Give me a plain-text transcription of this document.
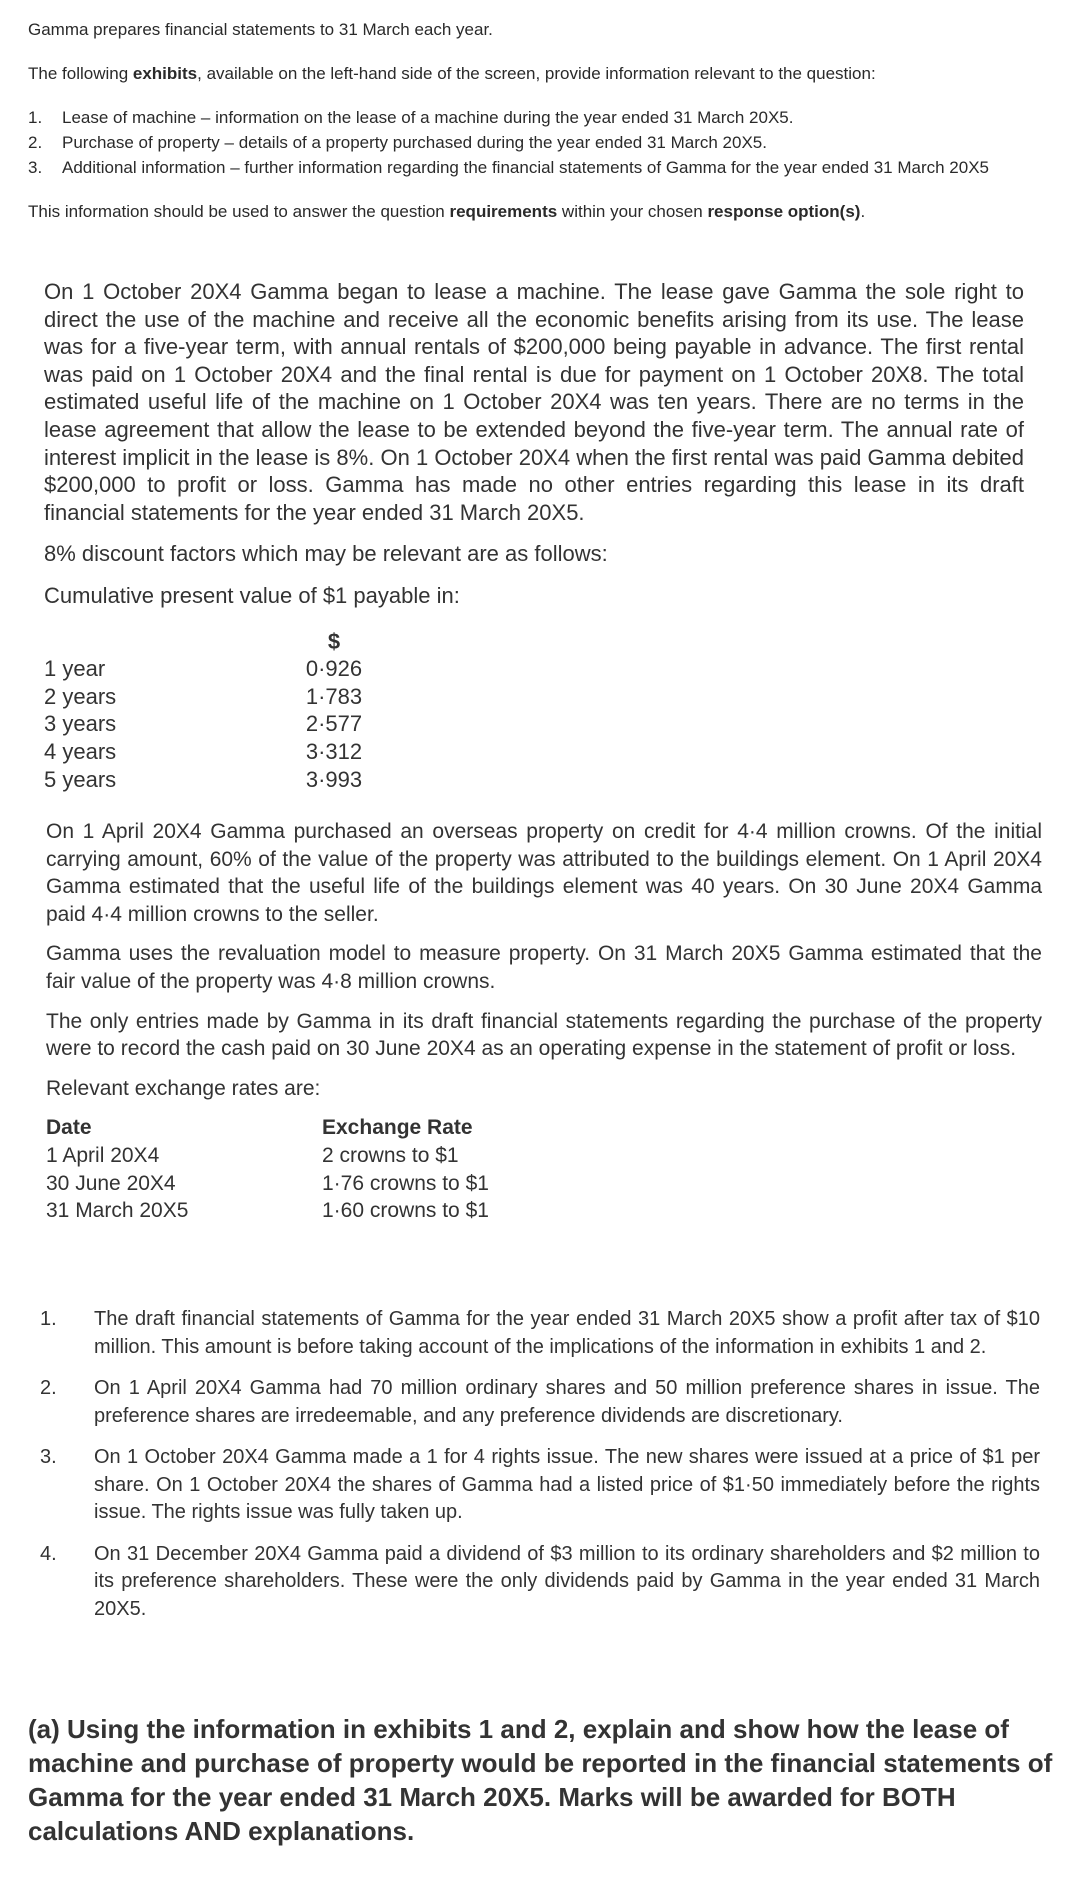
Gamma prepares financial statements to 31 March each year.

The following exhibits, available on the left-hand side of the screen, provide information relevant to the question:

1.	Lease of machine – information on the lease of a machine during the year ended 31 March 20X5.
2.	Purchase of property – details of a property purchased during the year ended 31 March 20X5.
3.	Additional information – further information regarding the financial statements of Gamma for the year ended 31 March 20X5

This information should be used to answer the question requirements within your chosen response option(s).

On 1 October 20X4 Gamma began to lease a machine. The lease gave Gamma the sole right to direct the use of the machine and receive all the economic benefits arising from its use. The lease was for a five-year term, with annual rentals of $200,000 being payable in advance. The first rental was paid on 1 October 20X4 and the final rental is due for payment on 1 October 20X8. The total estimated useful life of the machine on 1 October 20X4 was ten years. There are no terms in the lease agreement that allow the lease to be extended beyond the five-year term. The annual rate of interest implicit in the lease is 8%. On 1 October 20X4 when the first rental was paid Gamma debited $200,000 to profit or loss. Gamma has made no other entries regarding this lease in its draft financial statements for the year ended 31 March 20X5.

8% discount factors which may be relevant are as follows:

Cumulative present value of $1 payable in:

$
1 year	0·926
2 years	1·783
3 years	2·577
4 years	3·312
5 years	3·993

On 1 April 20X4 Gamma purchased an overseas property on credit for 4·4 million crowns. Of the initial carrying amount, 60% of the value of the property was attributed to the buildings element. On 1 April 20X4 Gamma estimated that the useful life of the buildings element was 40 years. On 30 June 20X4 Gamma paid 4·4 million crowns to the seller.

Gamma uses the revaluation model to measure property. On 31 March 20X5 Gamma estimated that the fair value of the property was 4·8 million crowns.

The only entries made by Gamma in its draft financial statements regarding the purchase of the property were to record the cash paid on 30 June 20X4 as an operating expense in the statement of profit or loss.

Relevant exchange rates are:

Date	Exchange Rate
1 April 20X4	2 crowns to $1
30 June 20X4	1·76 crowns to $1
31 March 20X5	1·60 crowns to $1
1.	The draft financial statements of Gamma for the year ended 31 March 20X5 show a profit after tax of $10 million. This amount is before taking account of the implications of the information in exhibits 1 and 2.
2.	On 1 April 20X4 Gamma had 70 million ordinary shares and 50 million preference shares in issue. The preference shares are irredeemable, and any preference dividends are discretionary.
3.	On 1 October 20X4 Gamma made a 1 for 4 rights issue. The new shares were issued at a price of $1 per share. On 1 October 20X4 the shares of Gamma had a listed price of $1·50 immediately before the rights issue. The rights issue was fully taken up.
4.	On 31 December 20X4 Gamma paid a dividend of $3 million to its ordinary shareholders and $2 million to its preference shareholders. These were the only dividends paid by Gamma in the year ended 31 March 20X5.
(a) Using the information in exhibits 1 and 2, explain and show how the lease of machine and purchase of property would be reported in the financial statements of Gamma for the year ended 31 March 20X5. Marks will be awarded for BOTH calculations AND explanations.
